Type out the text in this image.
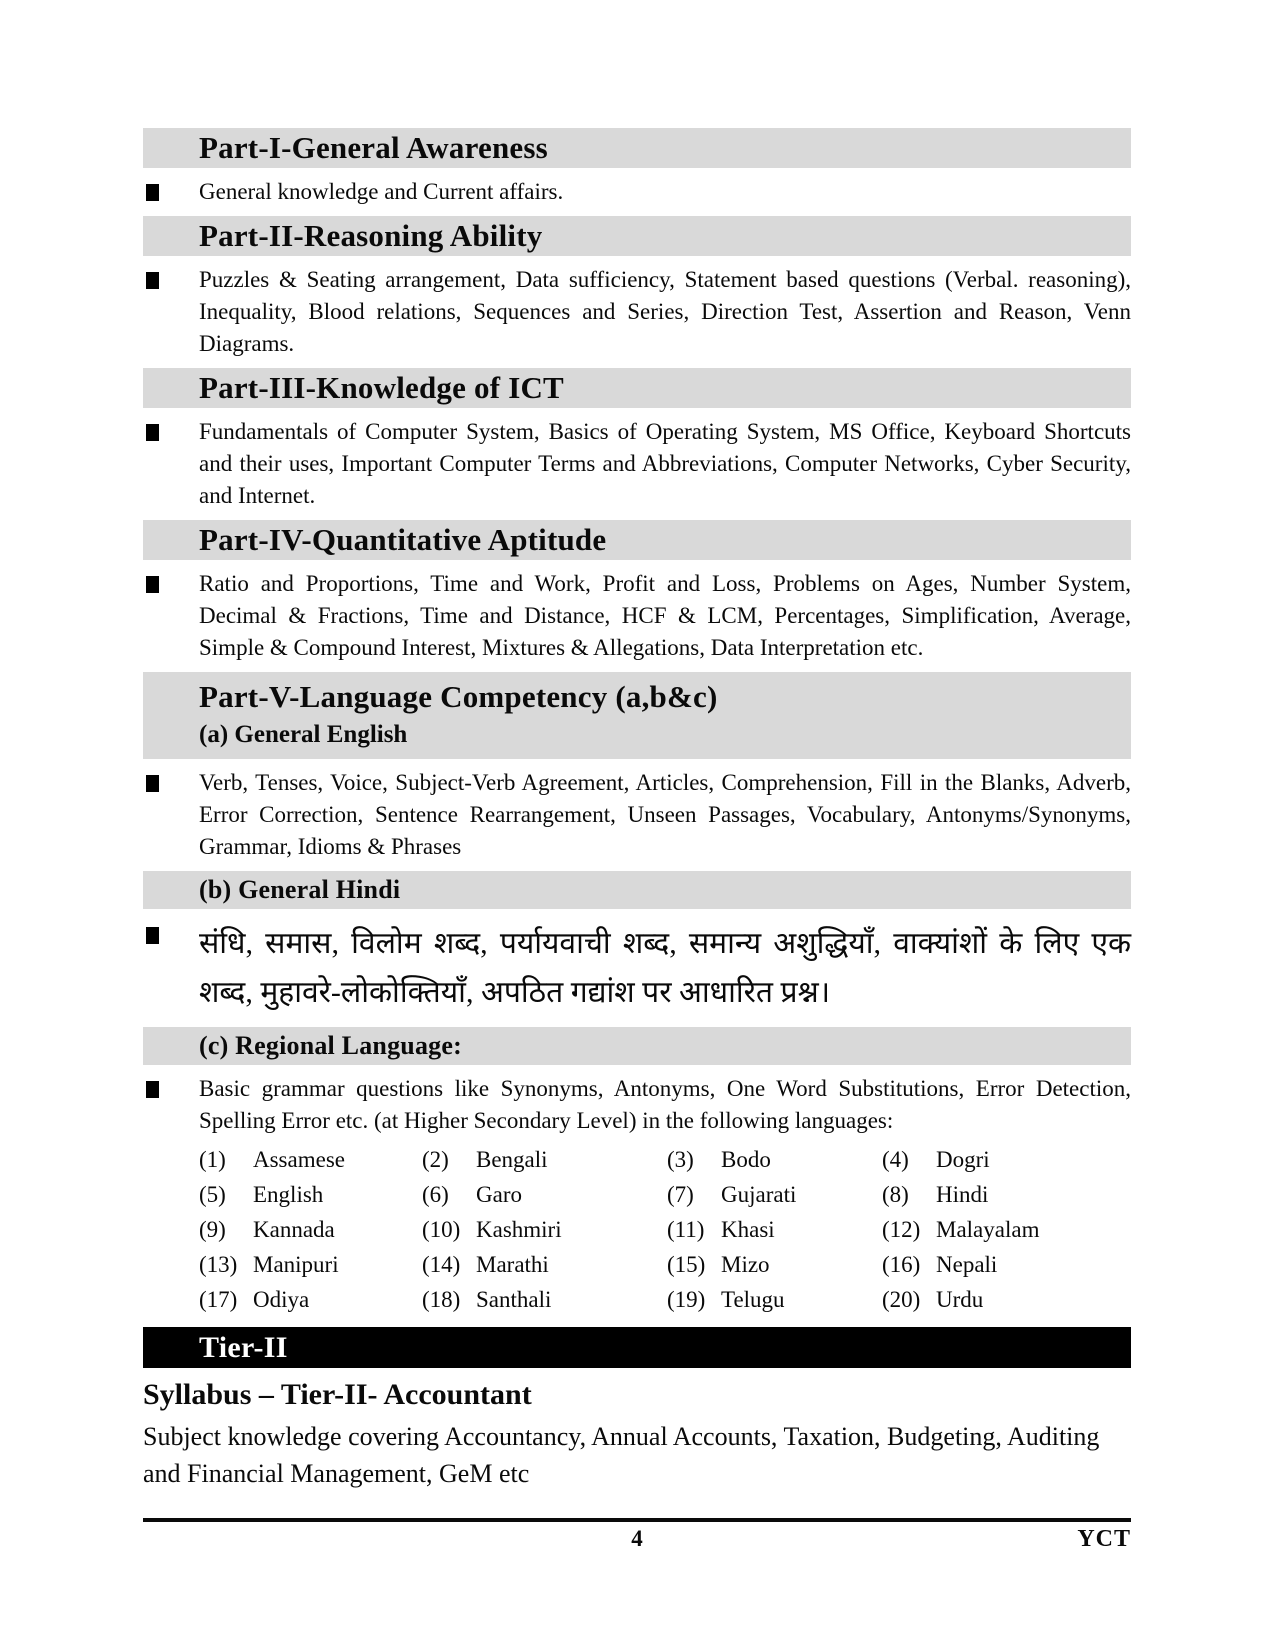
Part-I-General Awareness
General knowledge and Current affairs.
Part-II-Reasoning Ability
Puzzles & Seating arrangement, Data sufficiency, Statement based questions (Verbal. reasoning), Inequality, Blood relations, Sequences and Series, Direction Test, Assertion and Reason, Venn Diagrams.
Part-III-Knowledge of ICT
Fundamentals of Computer System, Basics of Operating System, MS Office, Keyboard Shortcuts and their uses, Important Computer Terms and Abbreviations, Computer Networks, Cyber Security, and Internet.
Part-IV-Quantitative Aptitude
Ratio and Proportions, Time and Work, Profit and Loss, Problems on Ages, Number System, Decimal & Fractions, Time and Distance, HCF & LCM, Percentages, Simplification, Average, Simple & Compound Interest, Mixtures & Allegations, Data Interpretation etc.
Part-V-Language Competency (a,b&c)
(a) General English
Verb, Tenses, Voice, Subject-Verb Agreement, Articles, Comprehension, Fill in the Blanks, Adverb, Error Correction, Sentence Rearrangement, Unseen Passages, Vocabulary, Antonyms/Synonyms, Grammar, Idioms & Phrases
(b) General Hindi
संधि, समास, विलोम शब्द, पर्यायवाची शब्द, समान्य अशुद्धियाँ, वाक्यांशों के लिए एक शब्द, मुहावरे-लोकोक्तियाँ, अपठित गद्यांश पर आधारित प्रश्न।
(c) Regional Language:
Basic grammar questions like Synonyms, Antonyms, One Word Substitutions, Error Detection, Spelling Error etc. (at Higher Secondary Level) in the following languages:
(1) Assamese	(2) Bengali	(3) Bodo	(4) Dogri
(5) English	(6) Garo	(7) Gujarati	(8) Hindi
(9) Kannada	(10) Kashmiri	(11) Khasi	(12) Malayalam
(13) Manipuri	(14) Marathi	(15) Mizo	(16) Nepali
(17) Odiya	(18) Santhali	(19) Telugu	(20) Urdu
Tier-II
Syllabus – Tier-II- Accountant

Subject knowledge covering Accountancy, Annual Accounts, Taxation, Budgeting, Auditing and Financial Management, GeM etc

4	YCT
